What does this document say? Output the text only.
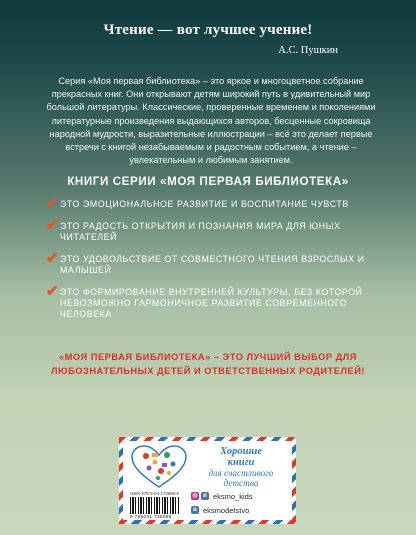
Чтение — вот лучшее учение!
А.С. Пушкин
Серия «Моя первая библиотека» – это яркое и многоцветное собрание прекрасных книг. Они открывают детям широкий путь в удивительный мир большой литературы. Классические, проверенные временем и поколениями литературные произведения выдающихся авторов, бесценные сокровища народной мудрости, выразительные иллюстрации – всё это делает первые встречи с книгой незабываемым и радостным событием, а чтение – увлекательным и любимым занятием.
КНИГИ СЕРИИ «МОЯ ПЕРВАЯ БИБЛИОТЕКА»
✔ ЭТО ЭМОЦИОНАЛЬНОЕ РАЗВИТИЕ И ВОСПИТАНИЕ ЧУВСТВ
✔ ЭТО РАДОСТЬ ОТКРЫТИЯ И ПОЗНАНИЯ МИРА ДЛЯ ЮНЫХ ЧИТАТЕЛЕЙ
✔ ЭТО УДОВОЛЬСТВИЕ ОТ СОВМЕСТНОГО ЧТЕНИЯ ВЗРОСЛЫХ И МАЛЫШЕЙ
✔ ЭТО ФОРМИРОВАНИЕ ВНУТРЕННЕЙ КУЛЬТУРЫ, БЕЗ КОТОРОЙ НЕВОЗМОЖНО ГАРМОНИЧНОЕ РАЗВИТИЕ СОВРЕМЕННОГО ЧЕЛОВЕКА
«МОЯ ПЕРВАЯ БИБЛИОТЕКА» – ЭТО ЛУЧШИЙ ВЫБОР ДЛЯ ЛЮБОЗНАТЕЛЬНЫХ ДЕТЕЙ И ОТВЕТСТВЕННЫХ РОДИТЕЛЕЙ!
Хорошие
книги
для счастливого
детства
ISBN 978-5-04-173806-8
9 785041 738068
◎ в eksmo_kids
в eksmodetstvo
